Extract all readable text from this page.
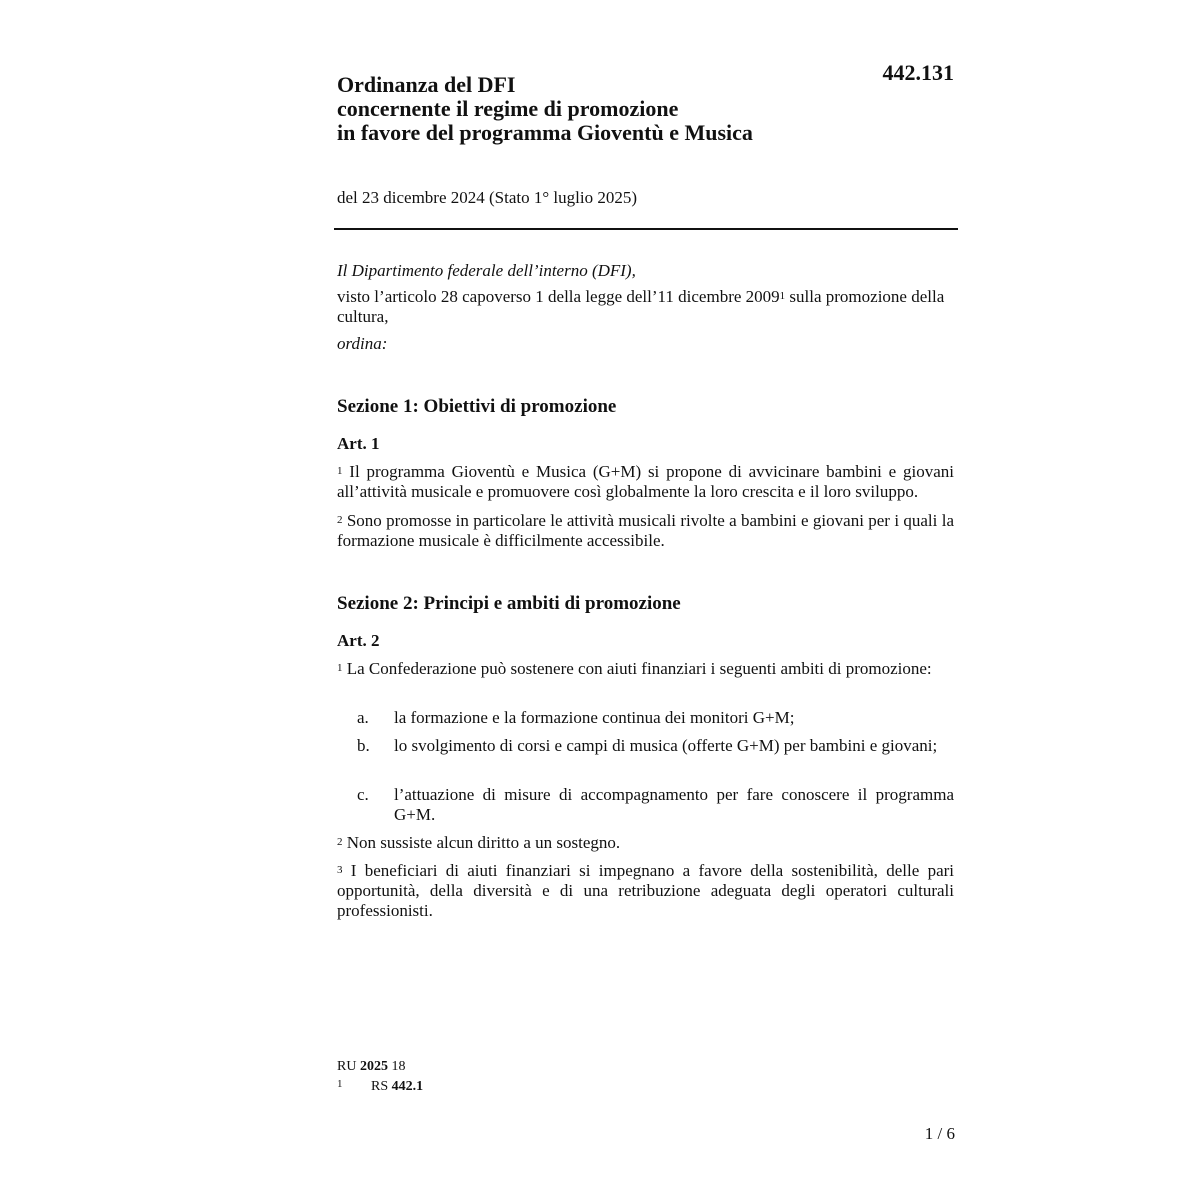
442.131
Ordinanza del DFI
concernente il regime di promozione
in favore del programma Gioventù e Musica
del 23 dicembre 2024 (Stato 1° luglio 2025)
Il Dipartimento federale dell’interno (DFI),
visto l’articolo 28 capoverso 1 della legge dell’11 dicembre 2009$^1$ sulla promozione della cultura,
ordina:
Sezione 1: Obiettivi di promozione
Art. 1
$^1$ Il programma Gioventù e Musica (G+M) si propone di avvicinare bambini e giovani all’attività musicale e promuovere così globalmente la loro crescita e il loro sviluppo.
$^2$ Sono promosse in particolare le attività musicali rivolte a bambini e giovani per i quali la formazione musicale è difficilmente accessibile.
Sezione 2: Principi e ambiti di promozione
Art. 2
$^1$ La Confederazione può sostenere con aiuti finanziari i seguenti ambiti di promozione:
a. la formazione e la formazione continua dei monitori G+M;
b. lo svolgimento di corsi e campi di musica (offerte G+M) per bambini e giovani;
c. l’attuazione di misure di accompagnamento per fare conoscere il programma G+M.
$^2$ Non sussiste alcun diritto a un sostegno.
$^3$ I beneficiari di aiuti finanziari si impegnano a favore della sostenibilità, delle pari opportunità, della diversità e di una retribuzione adeguata degli operatori culturali professionisti.
RU 2025 18
$^1$ RS 442.1
1 / 6
